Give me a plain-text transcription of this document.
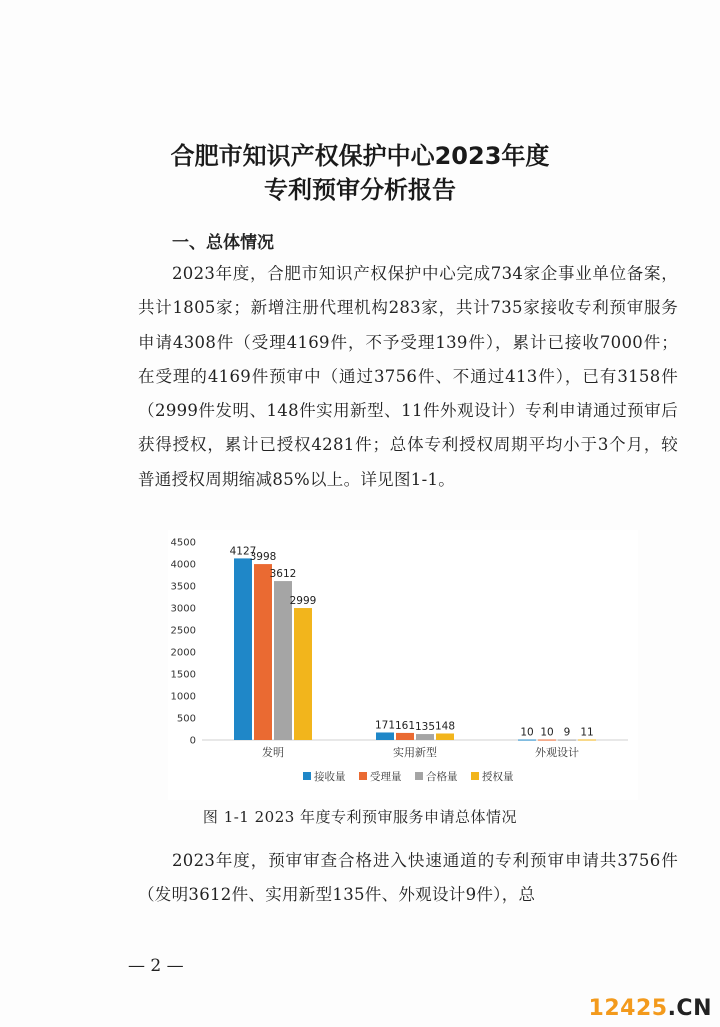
合肥市知识产权保护中心2023年度
专利预审分析报告
一、总体情况
2023年度，合肥市知识产权保护中心完成734家企事业单位备案，共计1805家；新增注册代理机构283家，共计735家接收专利预审服务申请4308件（受理4169件，不予受理139件），累计已接收7000件；在受理的4169件预审中（通过3756件、不通过413件），已有3158件（2999件发明、148件实用新型、11件外观设计）专利申请通过预审后获得授权，累计已授权4281件；总体专利授权周期平均小于3个月，较普通授权周期缩减85%以上。详见图1-1。
0
500
1000
1500
2000
2500
3000
3500
4000
4500
4127
3998
3612
2999
发明
171 161 135 148
实用新型
10 10 9 11
外观设计
接收量 受理量 合格量 授权量
图 1-1 2023 年度专利预审服务申请总体情况
2023年度，预审审查合格进入快速通道的专利预审申请共3756件（发明3612件、实用新型135件、外观设计9件），总
— 2 —
12425.CN
